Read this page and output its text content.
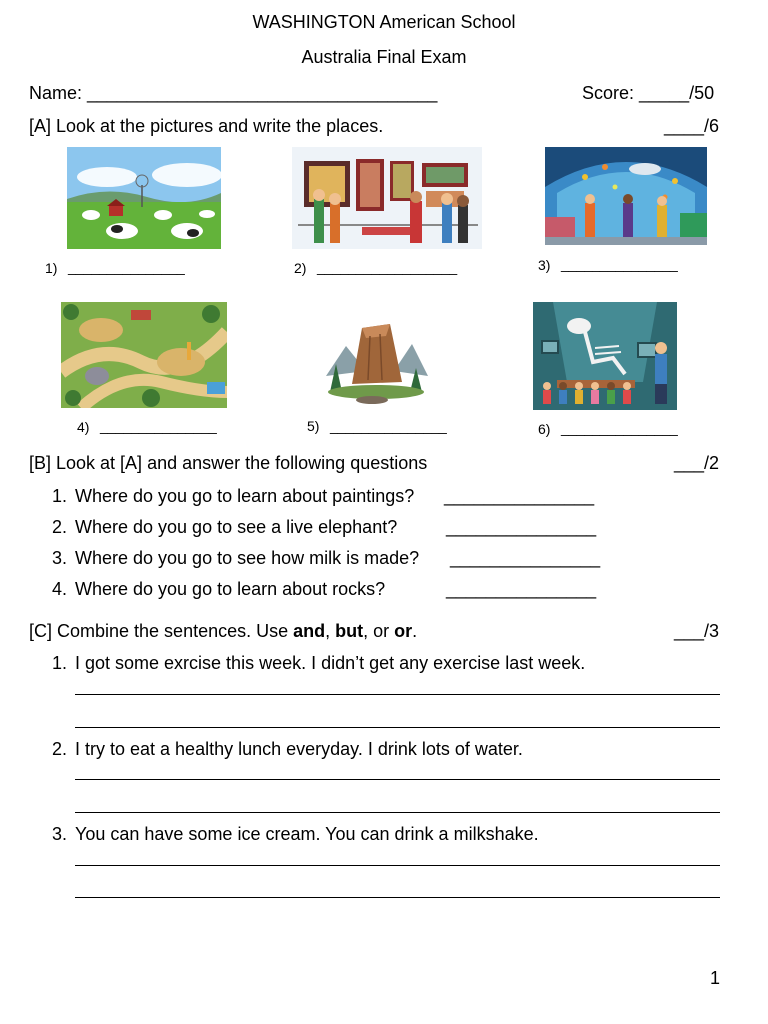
WASHINGTON American School
Australia Final Exam
Name: ___________________________________	Score: _____/50
[A] Look at the pictures and write the places.	____/6
1) _______________	2) __________________	3) _______________
4) _______________	5) _______________	6) _______________
[B] Look at [A] and answer the following questions	___/2
1. Where do you go to learn about paintings? _______________
2. Where do you go to see a live elephant?	_______________
3. Where do you go to see how milk is made? _______________
4. Where do you go to learn about rocks?	_______________
[C] Combine the sentences. Use and, but, or or.	___/3
1. I got some exrcise this week. I didn’t get any exercise last week.
2. I try to eat a healthy lunch everyday. I drink lots of water.
3. You can have some ice cream. You can drink a milkshake.
1
